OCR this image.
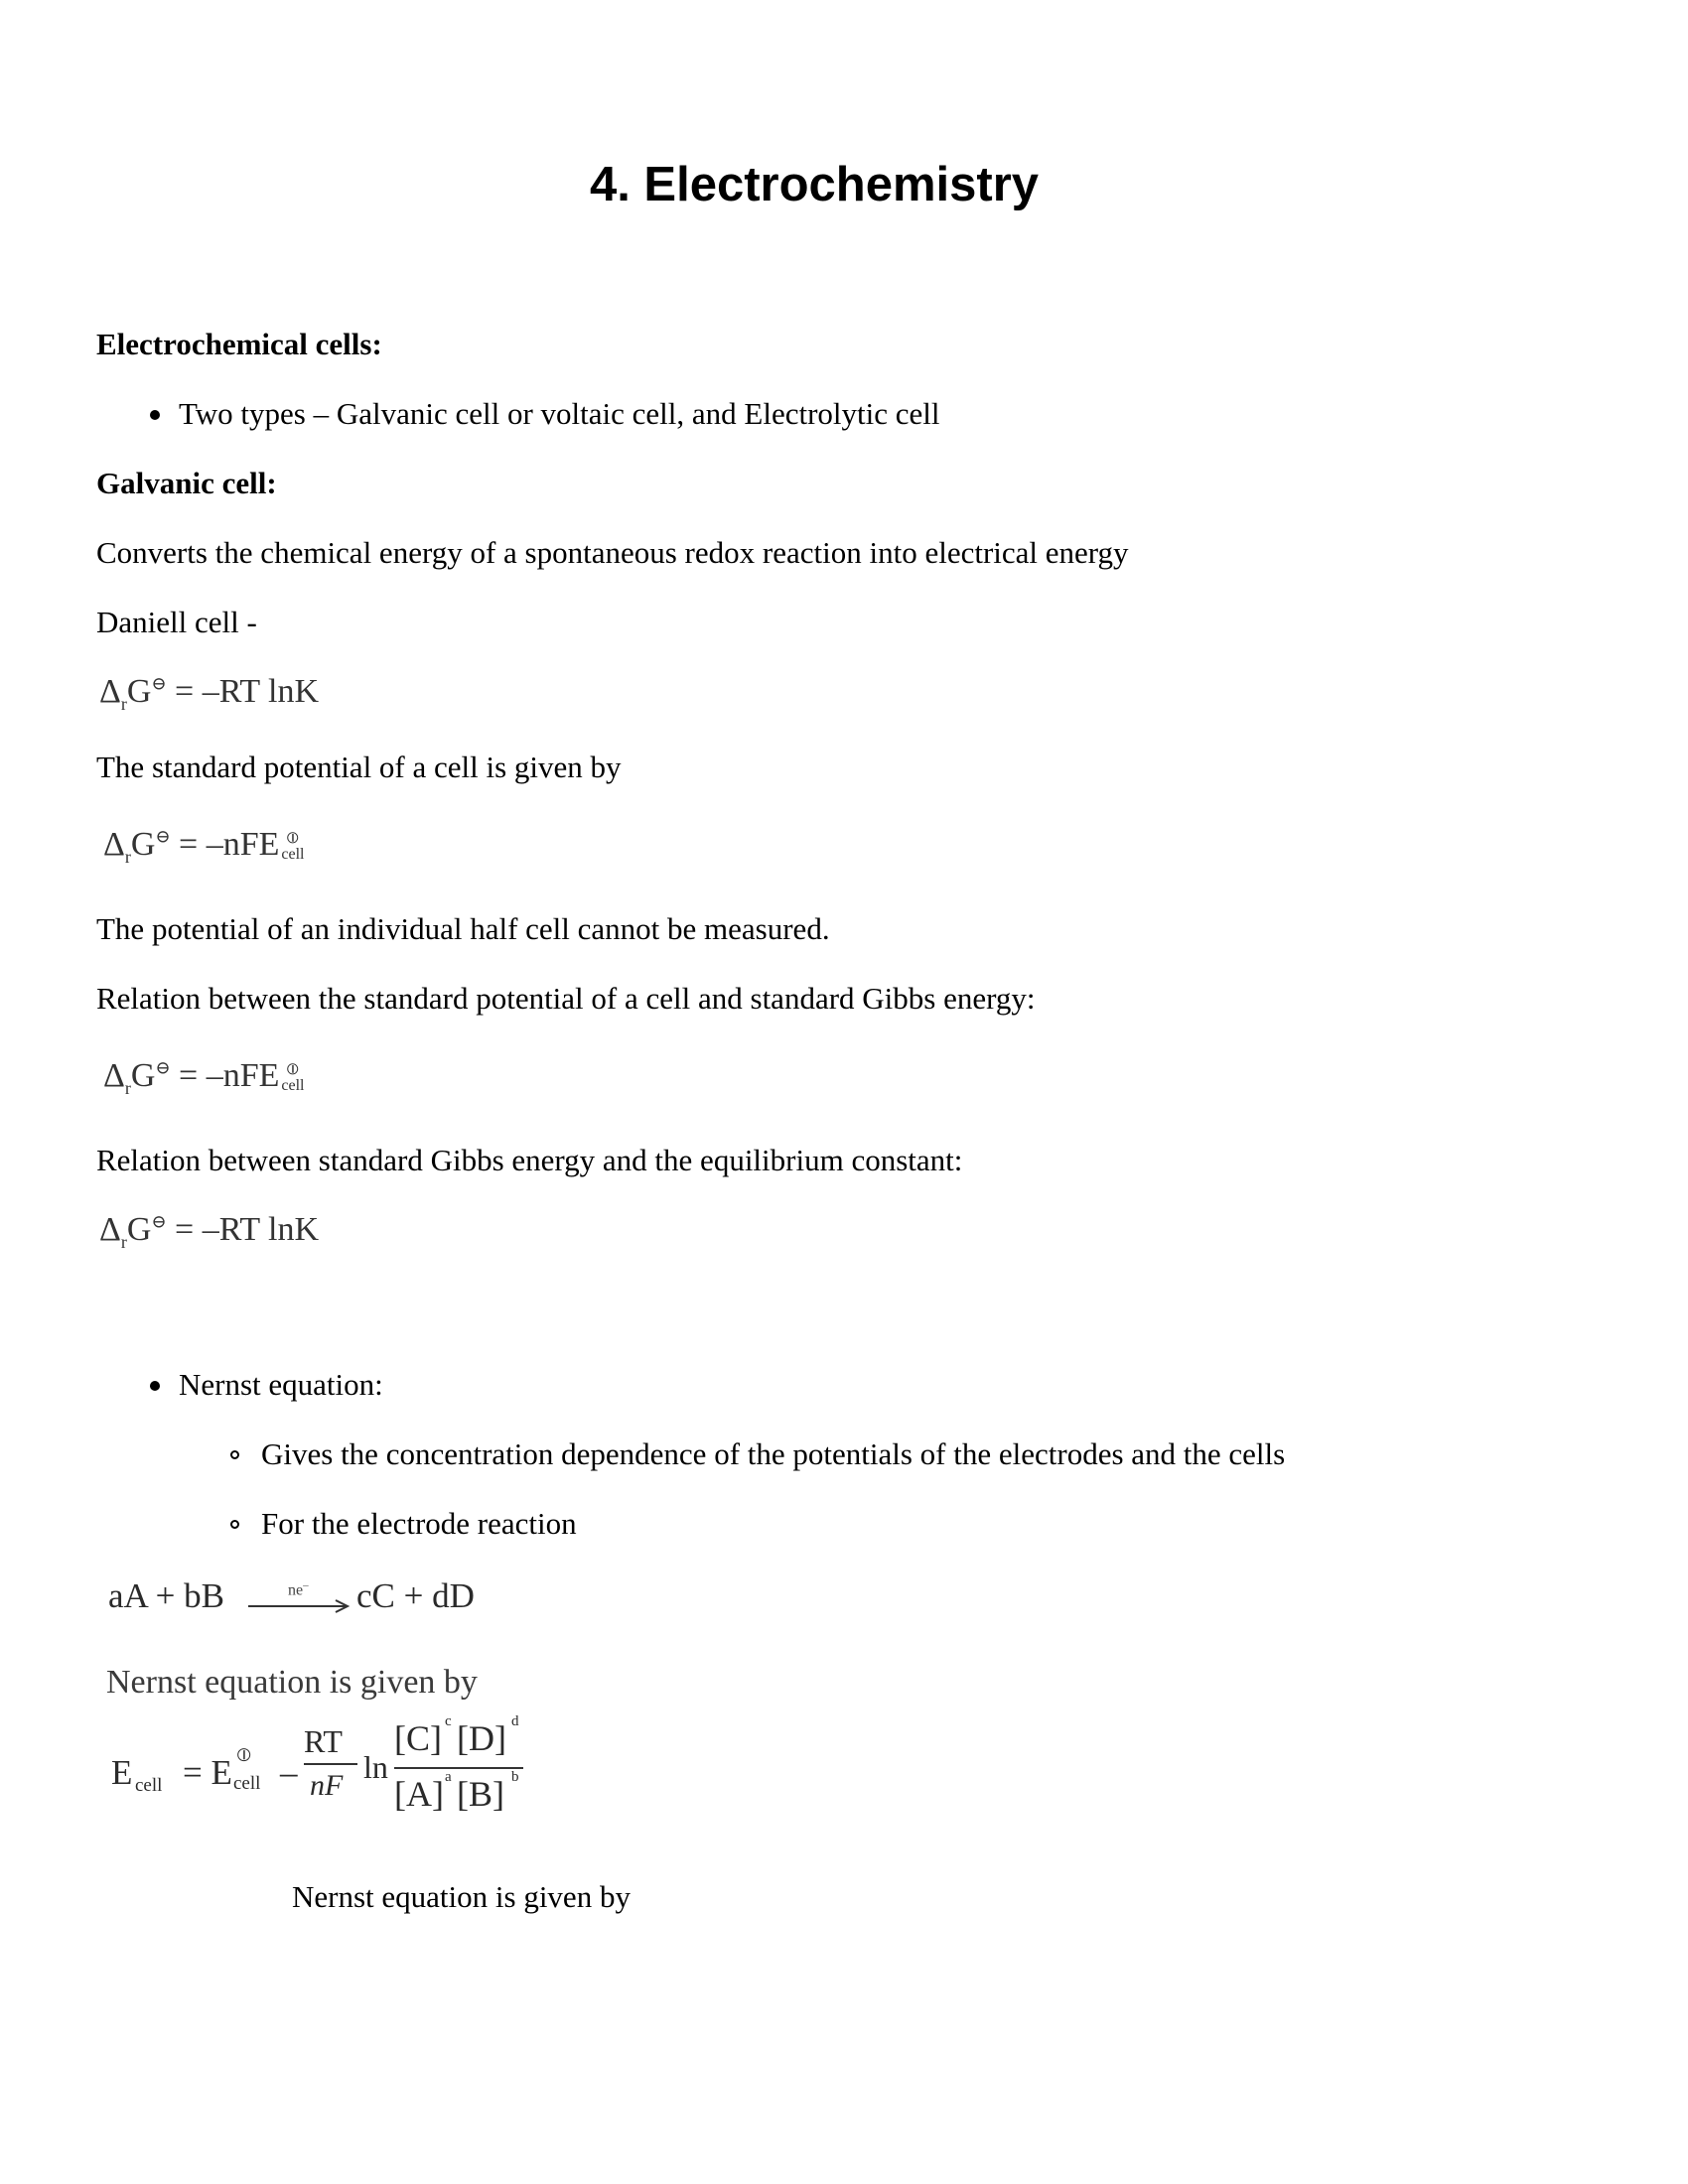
4. Electrochemistry
Electrochemical cells:
Two types – Galvanic cell or voltaic cell, and Electrolytic cell
Galvanic cell:
Converts the chemical energy of a spontaneous redox reaction into electrical energy
Daniell cell -
$\Delta_rG^⊖ = -RT$ lnK
The standard potential of a cell is given by
$\Delta_rG^⊖ = -nFE$ ⦶
cell
The potential of an individual half cell cannot be measured.
Relation between the standard potential of a cell and standard Gibbs energy:
$\Delta_rG^⊖ = -nFE$ ⦶
cell
Relation between standard Gibbs energy and the equilibrium constant:
$\Delta_rG^⊖ = -RT$ lnK
Nernst equation:
Gives the concentration dependence of the potentials of the electrodes and the cells
For the electrode reaction
aA + bB	ne– cC + dD
Nernst equation is given by
E cell = E ⦶
cell –
RT
nF
ln
[C] c [D] d
[A] a [B] b
Nernst equation is given by
